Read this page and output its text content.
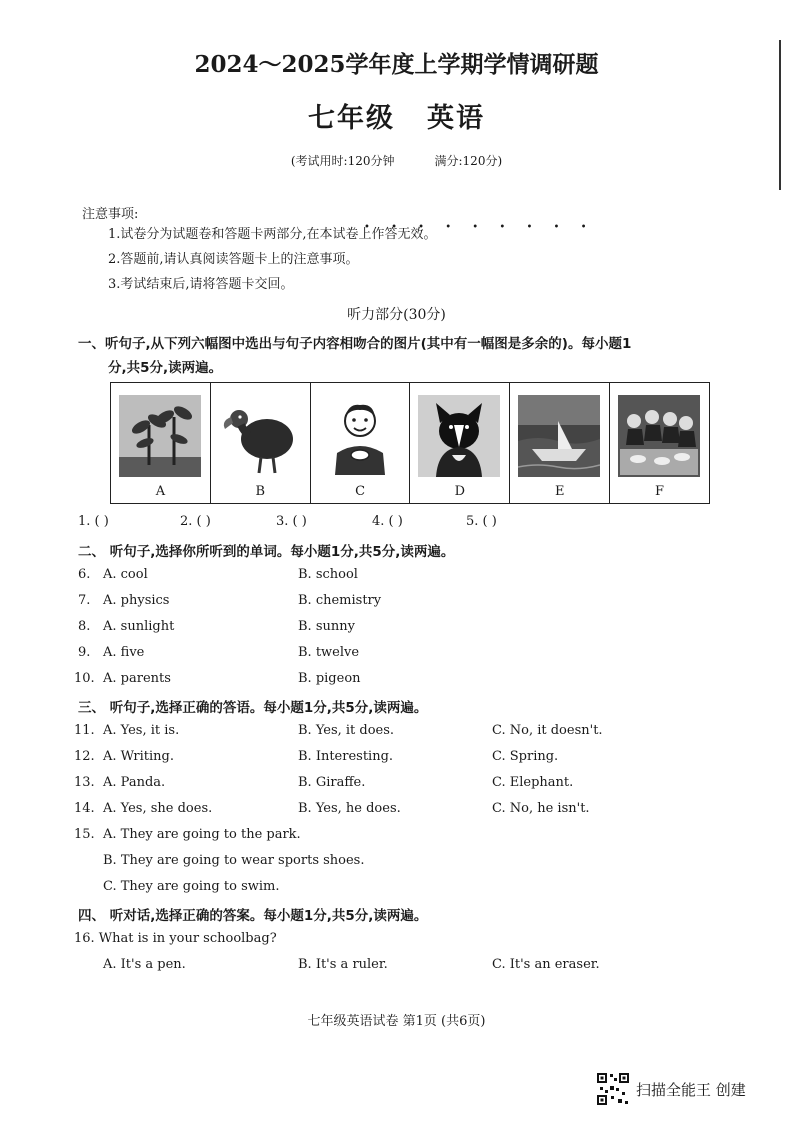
2024～2025学年度上学期学情调研题
七年级 英语
(考试用时:120分钟	满分:120分)
注意事项:
1.试卷分为试题卷和答题卡两部分,在本试卷上作答无效。
• • • • • • • • •
2.答题前,请认真阅读答题卡上的注意事项。
3.考试结束后,请将答题卡交回。
听力部分(30分)
一、听句子,从下列六幅图中选出与句子内容相吻合的图片(其中有一幅图是多余的)。每小题1
分,共5分,读两遍。
A	B	C	D	E	F
1. ( )	2. ( )	3. ( )	4. ( )	5. ( )
二、 听句子,选择你所听到的单词。每小题1分,共5分,读两遍。
6. A. cool	B. school
7. A. physics	B. chemistry
8. A. sunlight	B. sunny
9. A. five	B. twelve
10. A. parents	B. pigeon
三、 听句子,选择正确的答语。每小题1分,共5分,读两遍。
11. A. Yes, it is.	B. Yes, it does.	C. No, it doesn't.
12. A. Writing.	B. Interesting.	C. Spring.
13. A. Panda.	B. Giraffe.	C. Elephant.
14. A. Yes, she does.	B. Yes, he does.	C. No, he isn't.
15. A. They are going to the park.
B. They are going to wear sports shoes.
C. They are going to swim.
四、 听对话,选择正确的答案。每小题1分,共5分,读两遍。
16. What is in your schoolbag?
A. It's a pen.	B. It's a ruler.	C. It's an eraser.
七年级英语试卷 第1页 (共6页)
扫描全能王 创建
